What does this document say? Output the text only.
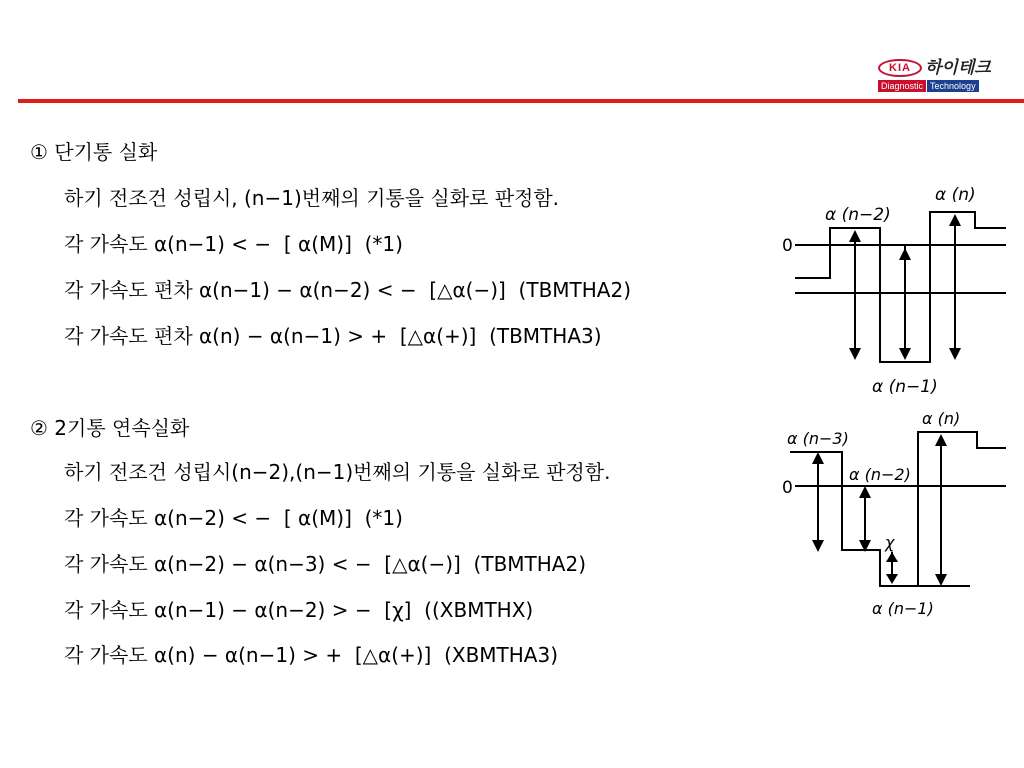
KIA 하이테크
Diagnostic Technology
① 단기통 실화
하기 전조건 성립시, (n−1)번째의 기통을 실화로 판정함.
각 가속도 α(n−1) < −  [ α(M)]  (*1)
각 가속도 편차 α(n−1) − α(n−2) < −  [△α(−)]  (TBMTHA2)
각 가속도 편차 α(n) − α(n−1) > +  [△α(+)]  (TBMTHA3)
② 2기통 연속실화
하기 전조건 성립시(n−2),(n−1)번째의 기통을 실화로 판정함.
각 가속도 α(n−2) < −  [ α(M)]  (*1)
각 가속도 α(n−2) − α(n−3) < −  [△α(−)]  (TBMTHA2)
각 가속도 α(n−1) − α(n−2) > −  [χ]  ((XBMTHX)
각 가속도 α(n) − α(n−1) > +  [△α(+)]  (XBMTHA3)
0
α (n−2)
α (n)
α (n−1)
0
α (n−3)
α (n)
α (n−2)
χ
α (n−1)
